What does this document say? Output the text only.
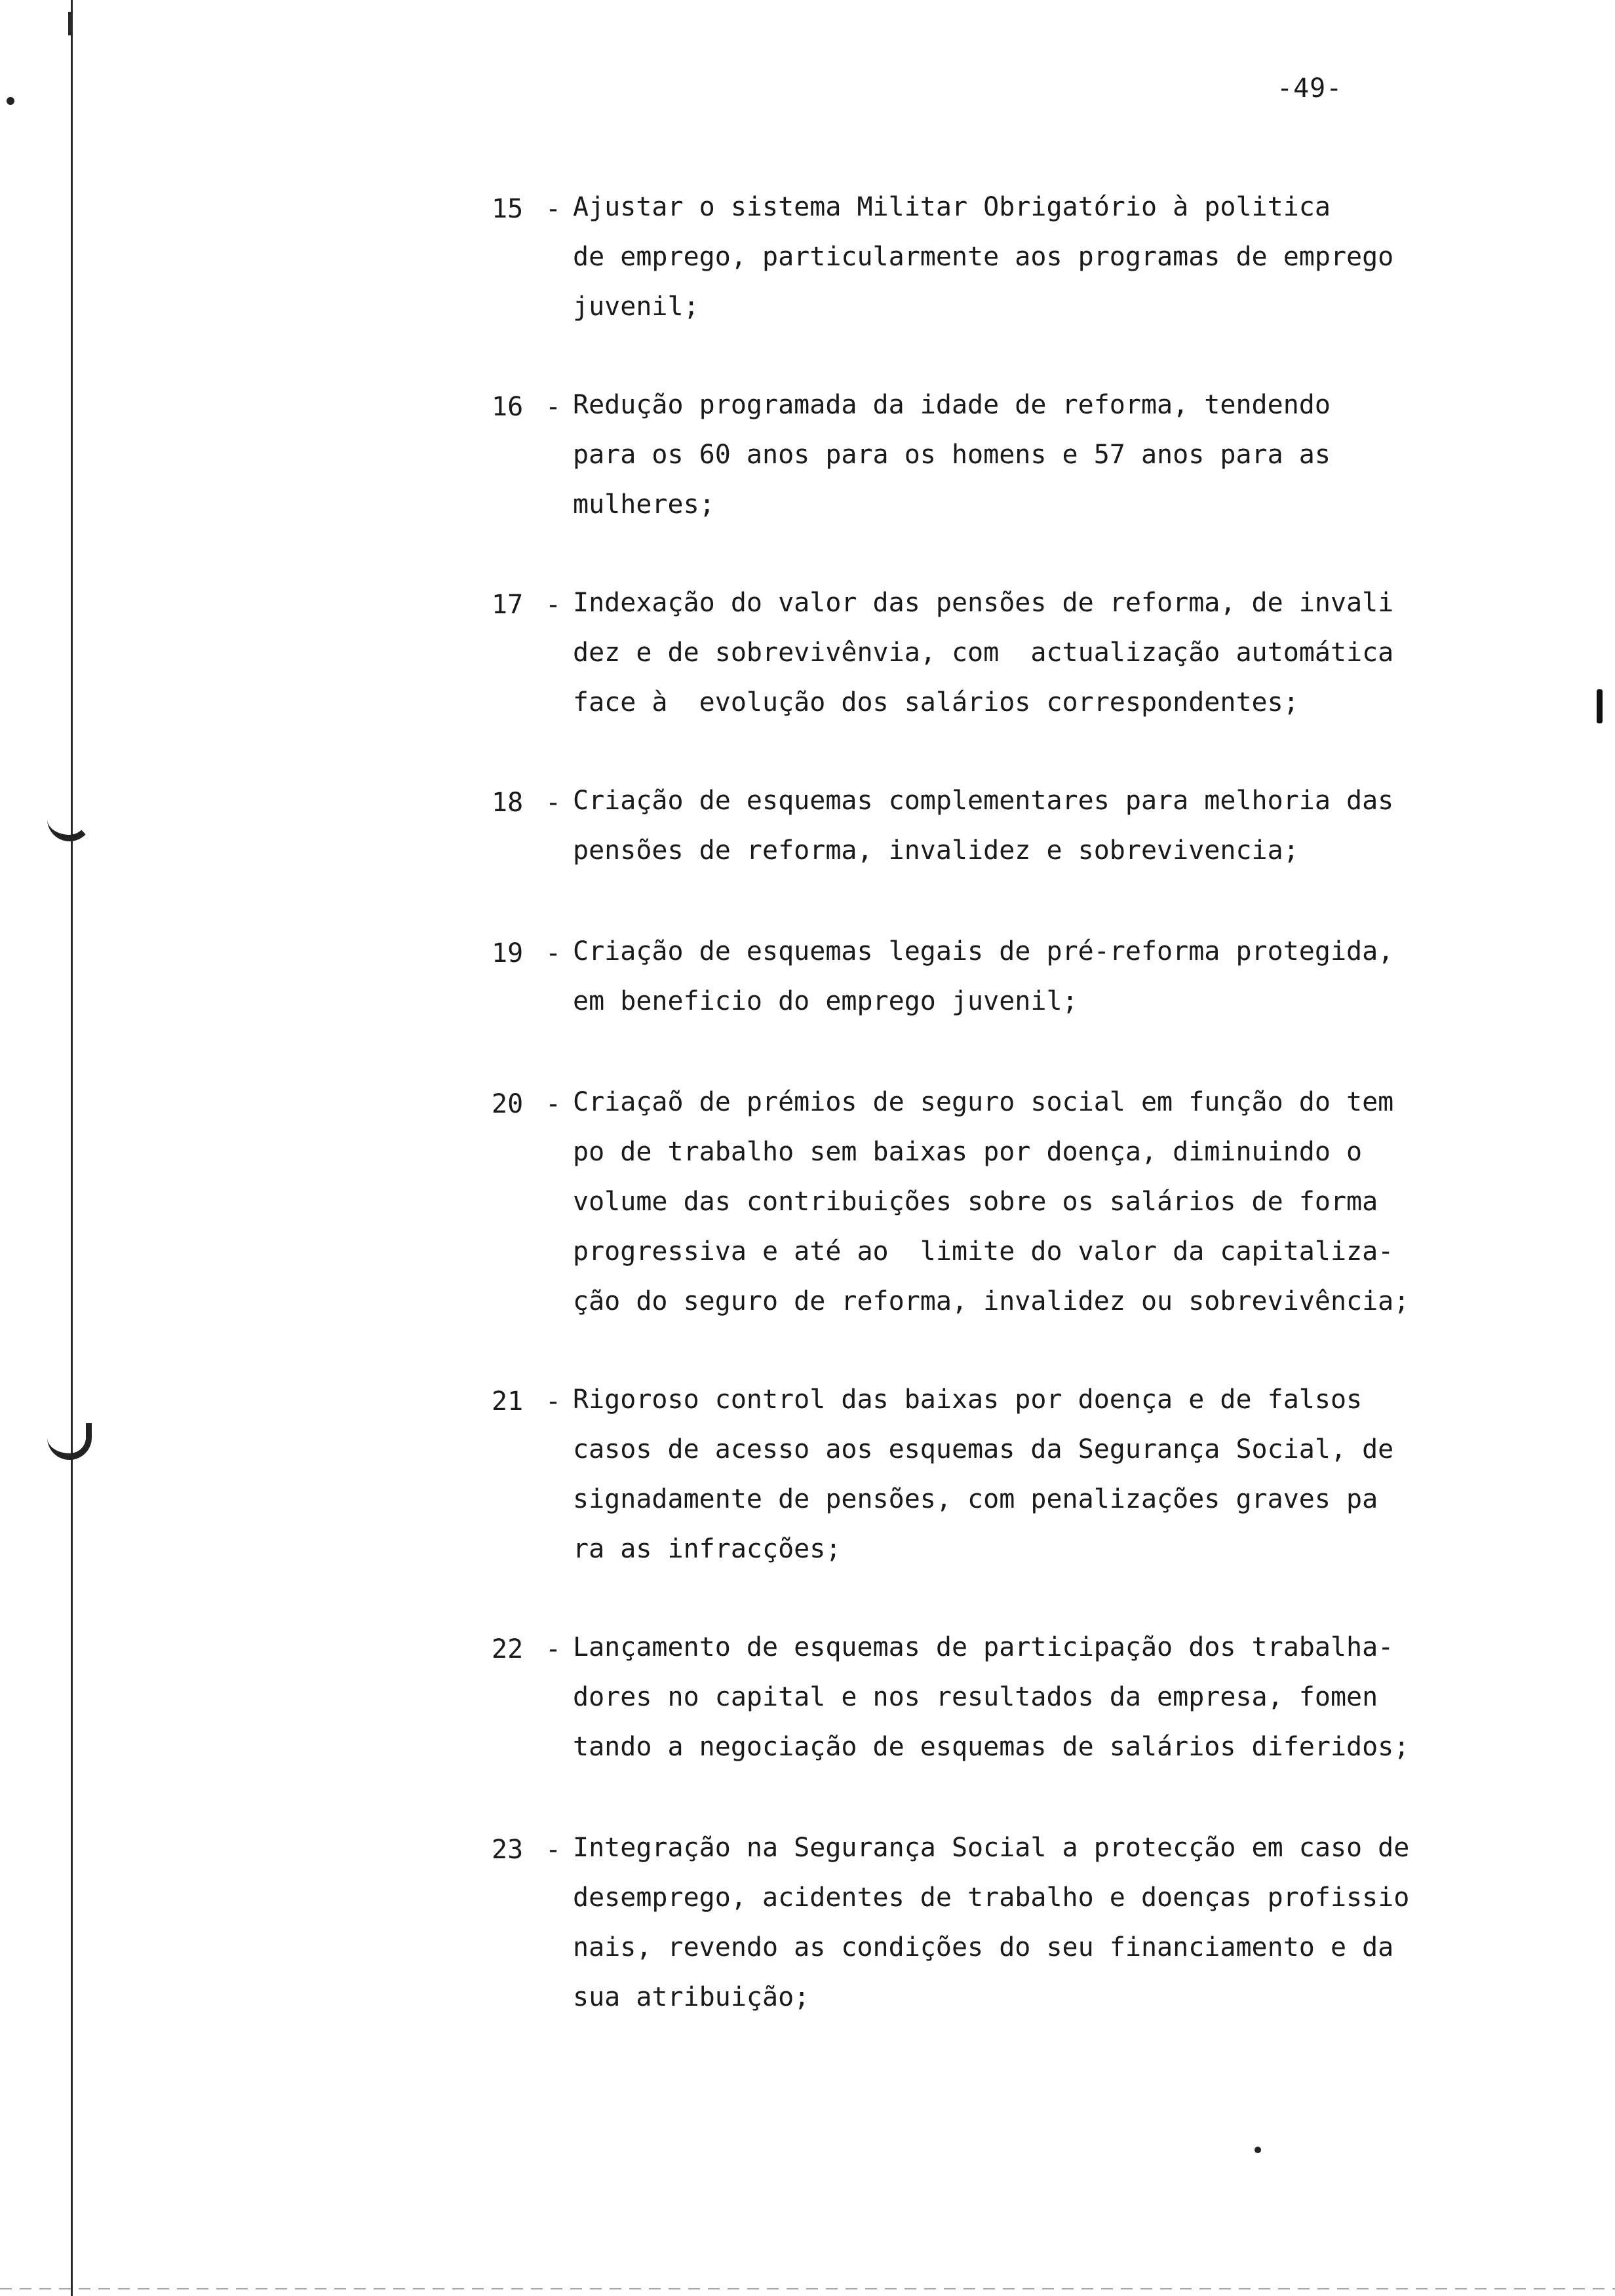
-49-
15 - Ajustar o sistema Militar Obrigatório à politica
de emprego, particularmente aos programas de emprego
juvenil;
16 - Redução programada da idade de reforma, tendendo
para os 60 anos para os homens e 57 anos para as
mulheres;
17 - Indexação do valor das pensões de reforma, de invali
dez e de sobrevivênvia, com  actualização automática
face à  evolução dos salários correspondentes;
18 - Criação de esquemas complementares para melhoria das
pensões de reforma, invalidez e sobrevivencia;
19 - Criação de esquemas legais de pré-reforma protegida,
em beneficio do emprego juvenil;
20 - Criaçaõ de prémios de seguro social em função do tem
po de trabalho sem baixas por doença, diminuindo o
volume das contribuições sobre os salários de forma
progressiva e até ao  limite do valor da capitaliza-
ção do seguro de reforma, invalidez ou sobrevivência;
21 - Rigoroso control das baixas por doença e de falsos
casos de acesso aos esquemas da Segurança Social, de
signadamente de pensões, com penalizações graves pa
ra as infracções;
22 - Lançamento de esquemas de participação dos trabalha-
dores no capital e nos resultados da empresa, fomen
tando a negociação de esquemas de salários diferidos;
23 - Integração na Segurança Social a protecção em caso de
desemprego, acidentes de trabalho e doenças profissio
nais, revendo as condições do seu financiamento e da
sua atribuição;
